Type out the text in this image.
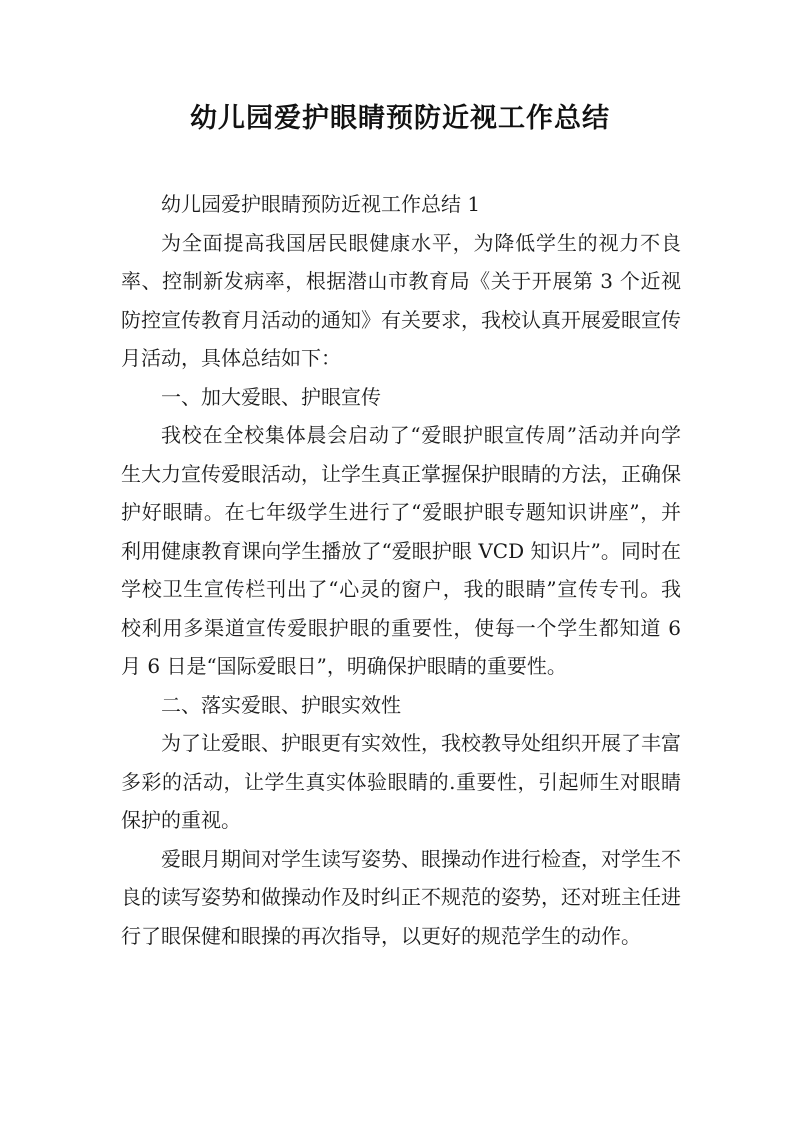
幼儿园爱护眼睛预防近视工作总结

幼儿园爱护眼睛预防近视工作总结 1

为全面提高我国居民眼健康水平，为降低学生的视力不良率、控制新发病率，根据潜山市教育局《关于开展第 3 个近视防控宣传教育月活动的通知》有关要求，我校认真开展爱眼宣传月活动，具体总结如下：

一、加大爱眼、护眼宣传

我校在全校集体晨会启动了“爱眼护眼宣传周”活动并向学生大力宣传爱眼活动，让学生真正掌握保护眼睛的方法，正确保护好眼睛。在七年级学生进行了“爱眼护眼专题知识讲座”，并利用健康教育课向学生播放了“爱眼护眼 VCD 知识片”。同时在学校卫生宣传栏刊出了“心灵的窗户，我的眼睛”宣传专刊。我校利用多渠道宣传爱眼护眼的重要性，使每一个学生都知道 6 月 6 日是“国际爱眼日”，明确保护眼睛的重要性。

二、落实爱眼、护眼实效性

为了让爱眼、护眼更有实效性，我校教导处组织开展了丰富多彩的活动，让学生真实体验眼睛的.重要性，引起师生对眼睛保护的重视。

爱眼月期间对学生读写姿势、眼操动作进行检查，对学生不良的读写姿势和做操动作及时纠正不规范的姿势，还对班主任进行了眼保健和眼操的再次指导，以更好的规范学生的动作。
